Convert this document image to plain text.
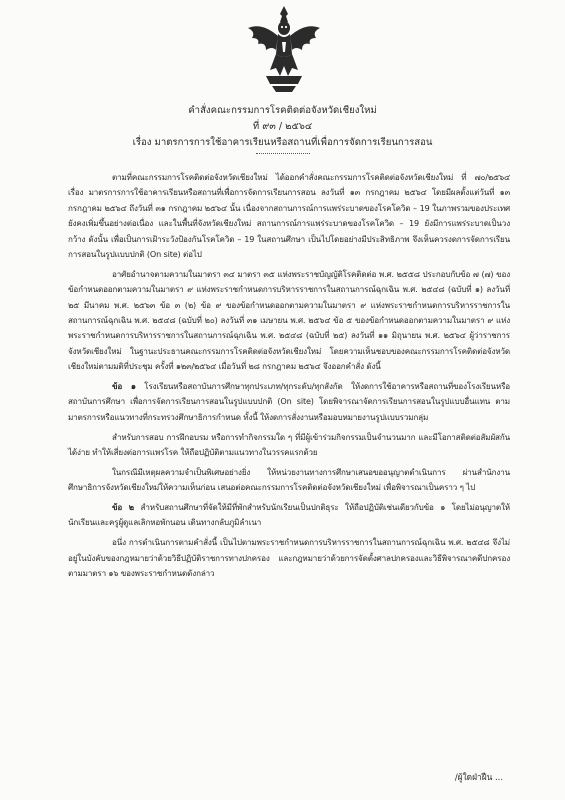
คำสั่งคณะกรรมการโรคติดต่อจังหวัดเชียงใหม่
ที่ ๙๓ / ๒๕๖๔
เรื่อง มาตรการการใช้อาคารเรียนหรือสถานที่เพื่อการจัดการเรียนการสอน

ตามที่คณะกรรมการโรคติดต่อจังหวัดเชียงใหม่ ได้ออกคำสั่งคณะกรรมการโรคติดต่อจังหวัดเชียงใหม่ ที่ ๗๐/๒๕๖๔ เรื่อง มาตรการการใช้อาคารเรียนหรือสถานที่เพื่อการจัดการเรียนการสอน ลงวันที่ ๑๓ กรกฎาคม ๒๕๖๔ โดยมีผลตั้งแต่วันที่ ๑๓ กรกฎาคม ๒๕๖๔ ถึงวันที่ ๓๑ กรกฎาคม ๒๕๖๔ นั้น เนื่องจากสถานการณ์การแพร่ระบาดของโรคโควิด – 19 ในภาพรวมของประเทศยังคงเพิ่มขึ้นอย่างต่อเนื่อง และในพื้นที่จังหวัดเชียงใหม่ สถานการณ์การแพร่ระบาดของโรคโควิด – 19 ยังมีการแพร่ระบาดเป็นวงกว้าง ดังนั้น เพื่อเป็นการเฝ้าระวังป้องกันโรคโควิด – 19 ในสถานศึกษา เป็นไปโดยอย่างมีประสิทธิภาพ จึงเห็นควรงดการจัดการเรียนการสอนในรูปแบบปกติ (On site) ต่อไป

อาศัยอำนาจตามความในมาตรา ๓๔ มาตรา ๓๕ แห่งพระราชบัญญัติโรคติดต่อ พ.ศ. ๒๕๕๘ ประกอบกับข้อ ๗ (๗) ของข้อกำหนดออกตามความในมาตรา ๙ แห่งพระราชกำหนดการบริหารราชการในสถานการณ์ฉุกเฉิน พ.ศ. ๒๕๔๘ (ฉบับที่ ๑) ลงวันที่ ๒๕ มีนาคม พ.ศ. ๒๕๖๓ ข้อ ๓ (๒) ข้อ ๙ ของข้อกำหนดออกตามความในมาตรา ๙ แห่งพระราชกำหนดการบริหารราชการในสถานการณ์ฉุกเฉิน พ.ศ. ๒๕๔๘ (ฉบับที่ ๒๐) ลงวันที่ ๓๑ เมษายน พ.ศ. ๒๕๖๔ ข้อ ๕ ของข้อกำหนดออกตามความในมาตรา ๙ แห่งพระราชกำหนดการบริหารราชการในสถานการณ์ฉุกเฉิน พ.ศ. ๒๕๔๘ (ฉบับที่ ๒๕) ลงวันที่ ๑๑ มิถุนายน พ.ศ. ๒๕๖๔ ผู้ว่าราชการจังหวัดเชียงใหม่ ในฐานะประธานคณะกรรมการโรคติดต่อจังหวัดเชียงใหม่ โดยความเห็นชอบของคณะกรรมการโรคติดต่อจังหวัดเชียงใหม่ตามมติที่ประชุม ครั้งที่ ๑๒๓/๒๕๖๔ เมื่อวันที่ ๒๘ กรกฎาคม ๒๕๖๔ จึงออกคำสั่ง ดังนี้

ข้อ ๑ โรงเรียนหรือสถาบันการศึกษาทุกประเภท/ทุกระดับ/ทุกสังกัด ให้งดการใช้อาคารหรือสถานที่ของโรงเรียนหรือสถาบันการศึกษา เพื่อการจัดการเรียนการสอนในรูปแบบปกติ (On site) โดยพิจารณาจัดการเรียนการสอนในรูปแบบอื่นแทน ตามมาตรการหรือแนวทางที่กระทรวงศึกษาธิการกำหนด ทั้งนี้ ให้งดการสั่งงานหรือมอบหมายงานรูปแบบรวมกลุ่ม

สำหรับการสอบ การฝึกอบรม หรือการทำกิจกรรมใด ๆ ที่มีผู้เข้าร่วมกิจกรรมเป็นจำนวนมาก และมีโอกาสติดต่อสัมผัสกันได้ง่าย ทำให้เสี่ยงต่อการแพร่โรค ให้ถือปฏิบัติตามแนวทางในวรรคแรกด้วย

ในกรณีมีเหตุผลความจำเป็นพิเศษอย่างยิ่ง ให้หน่วยงานทางการศึกษาเสนอขออนุญาตดำเนินการ ผ่านสำนักงานศึกษาธิการจังหวัดเชียงใหม่ให้ความเห็นก่อน เสนอต่อคณะกรรมการโรคติดต่อจังหวัดเชียงใหม่ เพื่อพิจารณาเป็นคราว ๆ ไป

ข้อ ๒ สำหรับสถานศึกษาที่จัดให้มีที่พักสำหรับนักเรียนเป็นปกติธุระ ให้ถือปฏิบัติเช่นเดียวกับข้อ ๑ โดยไม่อนุญาตให้นักเรียนและครูผู้ดูแลเลิกหอพักนอน เดินทางกลับภูมิลำเนา

อนึ่ง การดำเนินการตามคำสั่งนี้ เป็นไปตามพระราชกำหนดการบริหารราชการในสถานการณ์ฉุกเฉิน พ.ศ. ๒๕๔๘ จึงไม่อยู่ในบังคับของกฎหมายว่าด้วยวิธีปฏิบัติราชการทางปกครอง และกฎหมายว่าด้วยการจัดตั้งศาลปกครองและวิธีพิจารณาคดีปกครอง ตามมาตรา ๑๖ ของพระราชกำหนดดังกล่าว

/ผู้ใดฝ่าฝืน ...
